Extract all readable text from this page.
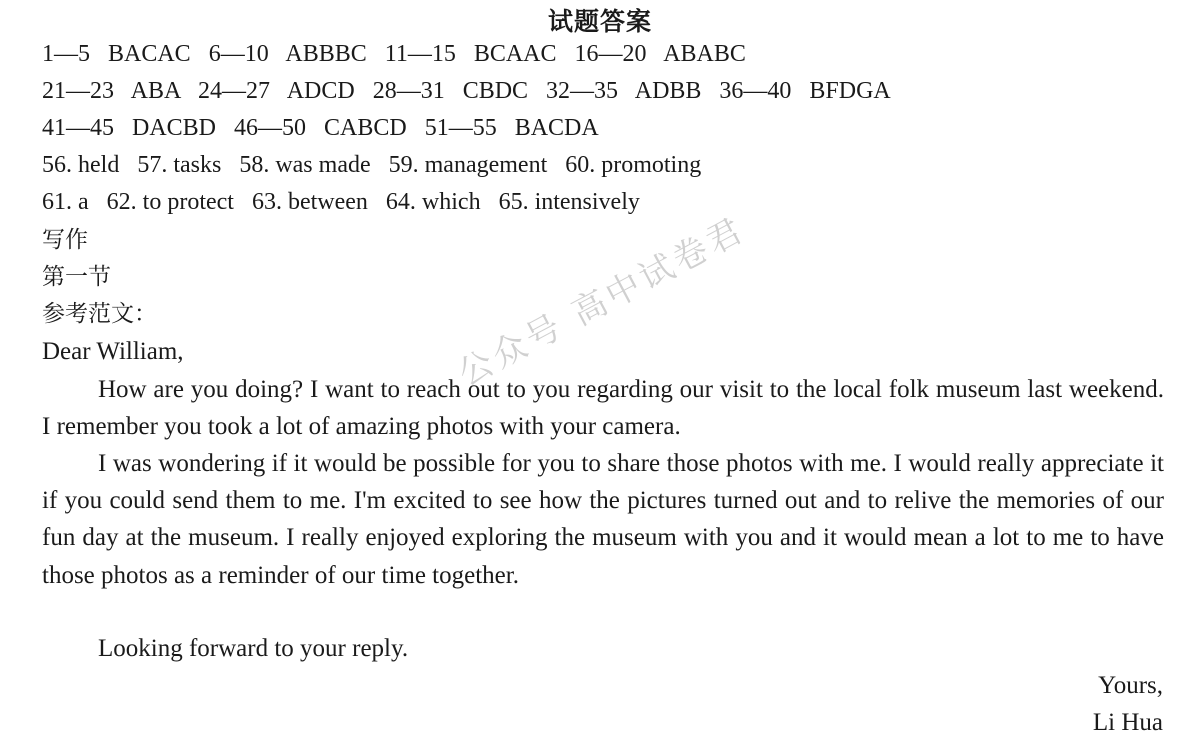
试题答案
1—5   BACAC   6—10   ABBBC   11—15   BCAAC   16—20   ABABC
21—23   ABA   24—27   ADCD   28—31   CBDC   32—35   ADBB   36—40   BFDGA
41—45   DACBD   46—50   CABCD   51—55   BACDA
56. held   57. tasks   58. was made   59. management   60. promoting
61. a   62. to protect   63. between   64. which   65. intensively
写作
第一节
参考范文：
Dear William,
How are you doing? I want to reach out to you regarding our visit to the local folk museum last weekend. I remember you took a lot of amazing photos with your camera.
I was wondering if it would be possible for you to share those photos with me. I would really appreciate it if you could send them to me. I'm excited to see how the pictures turned out and to relive the memories of our fun day at the museum. I really enjoyed exploring the museum with you and it would mean a lot to me to have those photos as a reminder of our time together.
Looking forward to your reply.
Yours,
Li Hua
公众号 高中试卷君
